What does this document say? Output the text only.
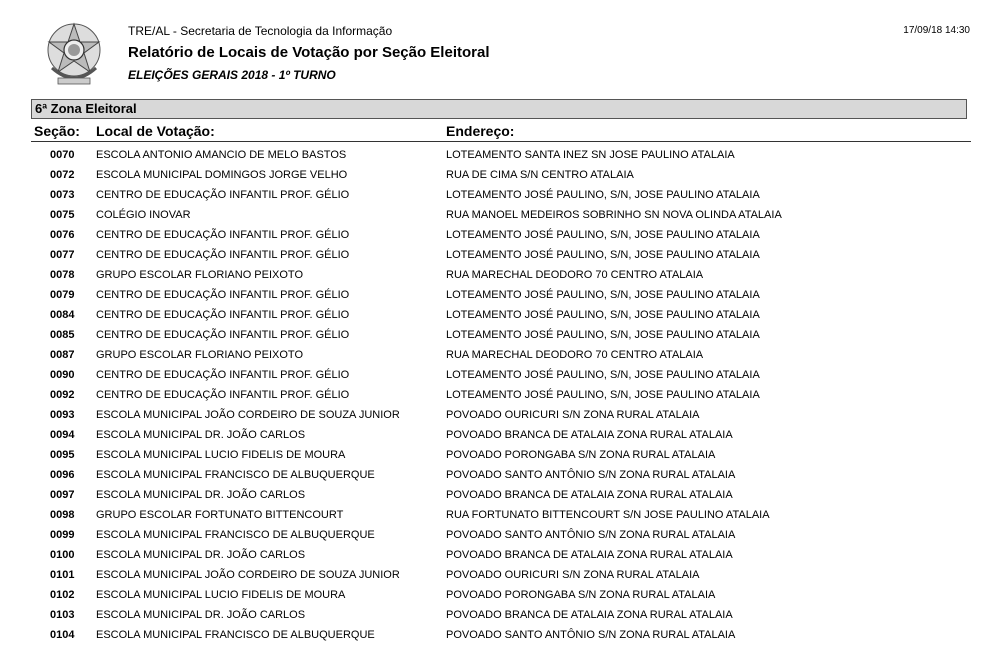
TRE/AL - Secretaria de Tecnologia da Informação
Relatório de Locais de Votação por Seção Eleitoral
ELEIÇÕES GERAIS 2018 - 1º TURNO
17/09/18 14:30
6ª Zona Eleitoral
Seção: Local de Votação:	Endereço:
0070 ESCOLA ANTONIO AMANCIO DE MELO BASTOS	LOTEAMENTO SANTA INEZ SN JOSE PAULINO ATALAIA
0072 ESCOLA MUNICIPAL DOMINGOS JORGE VELHO	RUA DE CIMA S/N CENTRO ATALAIA
0073 CENTRO DE EDUCAÇÃO INFANTIL PROF. GÉLIO	LOTEAMENTO JOSÉ PAULINO, S/N, JOSE PAULINO ATALAIA
0075 COLÉGIO INOVAR	RUA MANOEL MEDEIROS SOBRINHO SN NOVA OLINDA ATALAIA
0076 CENTRO DE EDUCAÇÃO INFANTIL PROF. GÉLIO	LOTEAMENTO JOSÉ PAULINO, S/N, JOSE PAULINO ATALAIA
0077 CENTRO DE EDUCAÇÃO INFANTIL PROF. GÉLIO	LOTEAMENTO JOSÉ PAULINO, S/N, JOSE PAULINO ATALAIA
0078 GRUPO ESCOLAR FLORIANO PEIXOTO	RUA MARECHAL DEODORO 70 CENTRO ATALAIA
0079 CENTRO DE EDUCAÇÃO INFANTIL PROF. GÉLIO	LOTEAMENTO JOSÉ PAULINO, S/N, JOSE PAULINO ATALAIA
0084 CENTRO DE EDUCAÇÃO INFANTIL PROF. GÉLIO	LOTEAMENTO JOSÉ PAULINO, S/N, JOSE PAULINO ATALAIA
0085 CENTRO DE EDUCAÇÃO INFANTIL PROF. GÉLIO	LOTEAMENTO JOSÉ PAULINO, S/N, JOSE PAULINO ATALAIA
0087 GRUPO ESCOLAR FLORIANO PEIXOTO	RUA MARECHAL DEODORO 70 CENTRO ATALAIA
0090 CENTRO DE EDUCAÇÃO INFANTIL PROF. GÉLIO	LOTEAMENTO JOSÉ PAULINO, S/N, JOSE PAULINO ATALAIA
0092 CENTRO DE EDUCAÇÃO INFANTIL PROF. GÉLIO	LOTEAMENTO JOSÉ PAULINO, S/N, JOSE PAULINO ATALAIA
0093 ESCOLA MUNICIPAL JOÃO CORDEIRO DE SOUZA JUNIOR	POVOADO OURICURI S/N ZONA RURAL ATALAIA
0094 ESCOLA MUNICIPAL DR. JOÃO CARLOS	POVOADO BRANCA DE ATALAIA ZONA RURAL ATALAIA
0095 ESCOLA MUNICIPAL LUCIO FIDELIS DE MOURA	POVOADO PORONGABA S/N ZONA RURAL ATALAIA
0096 ESCOLA MUNICIPAL FRANCISCO DE ALBUQUERQUE	POVOADO SANTO ANTÔNIO S/N ZONA RURAL ATALAIA
0097 ESCOLA MUNICIPAL DR. JOÃO CARLOS	POVOADO BRANCA DE ATALAIA ZONA RURAL ATALAIA
0098 GRUPO ESCOLAR FORTUNATO BITTENCOURT	RUA FORTUNATO BITTENCOURT S/N JOSE PAULINO ATALAIA
0099 ESCOLA MUNICIPAL FRANCISCO DE ALBUQUERQUE	POVOADO SANTO ANTÔNIO S/N ZONA RURAL ATALAIA
0100 ESCOLA MUNICIPAL DR. JOÃO CARLOS	POVOADO BRANCA DE ATALAIA ZONA RURAL ATALAIA
0101 ESCOLA MUNICIPAL JOÃO CORDEIRO DE SOUZA JUNIOR	POVOADO OURICURI S/N ZONA RURAL ATALAIA
0102 ESCOLA MUNICIPAL LUCIO FIDELIS DE MOURA	POVOADO PORONGABA S/N ZONA RURAL ATALAIA
0103 ESCOLA MUNICIPAL DR. JOÃO CARLOS	POVOADO BRANCA DE ATALAIA ZONA RURAL ATALAIA
0104 ESCOLA MUNICIPAL FRANCISCO DE ALBUQUERQUE	POVOADO SANTO ANTÔNIO S/N ZONA RURAL ATALAIA
